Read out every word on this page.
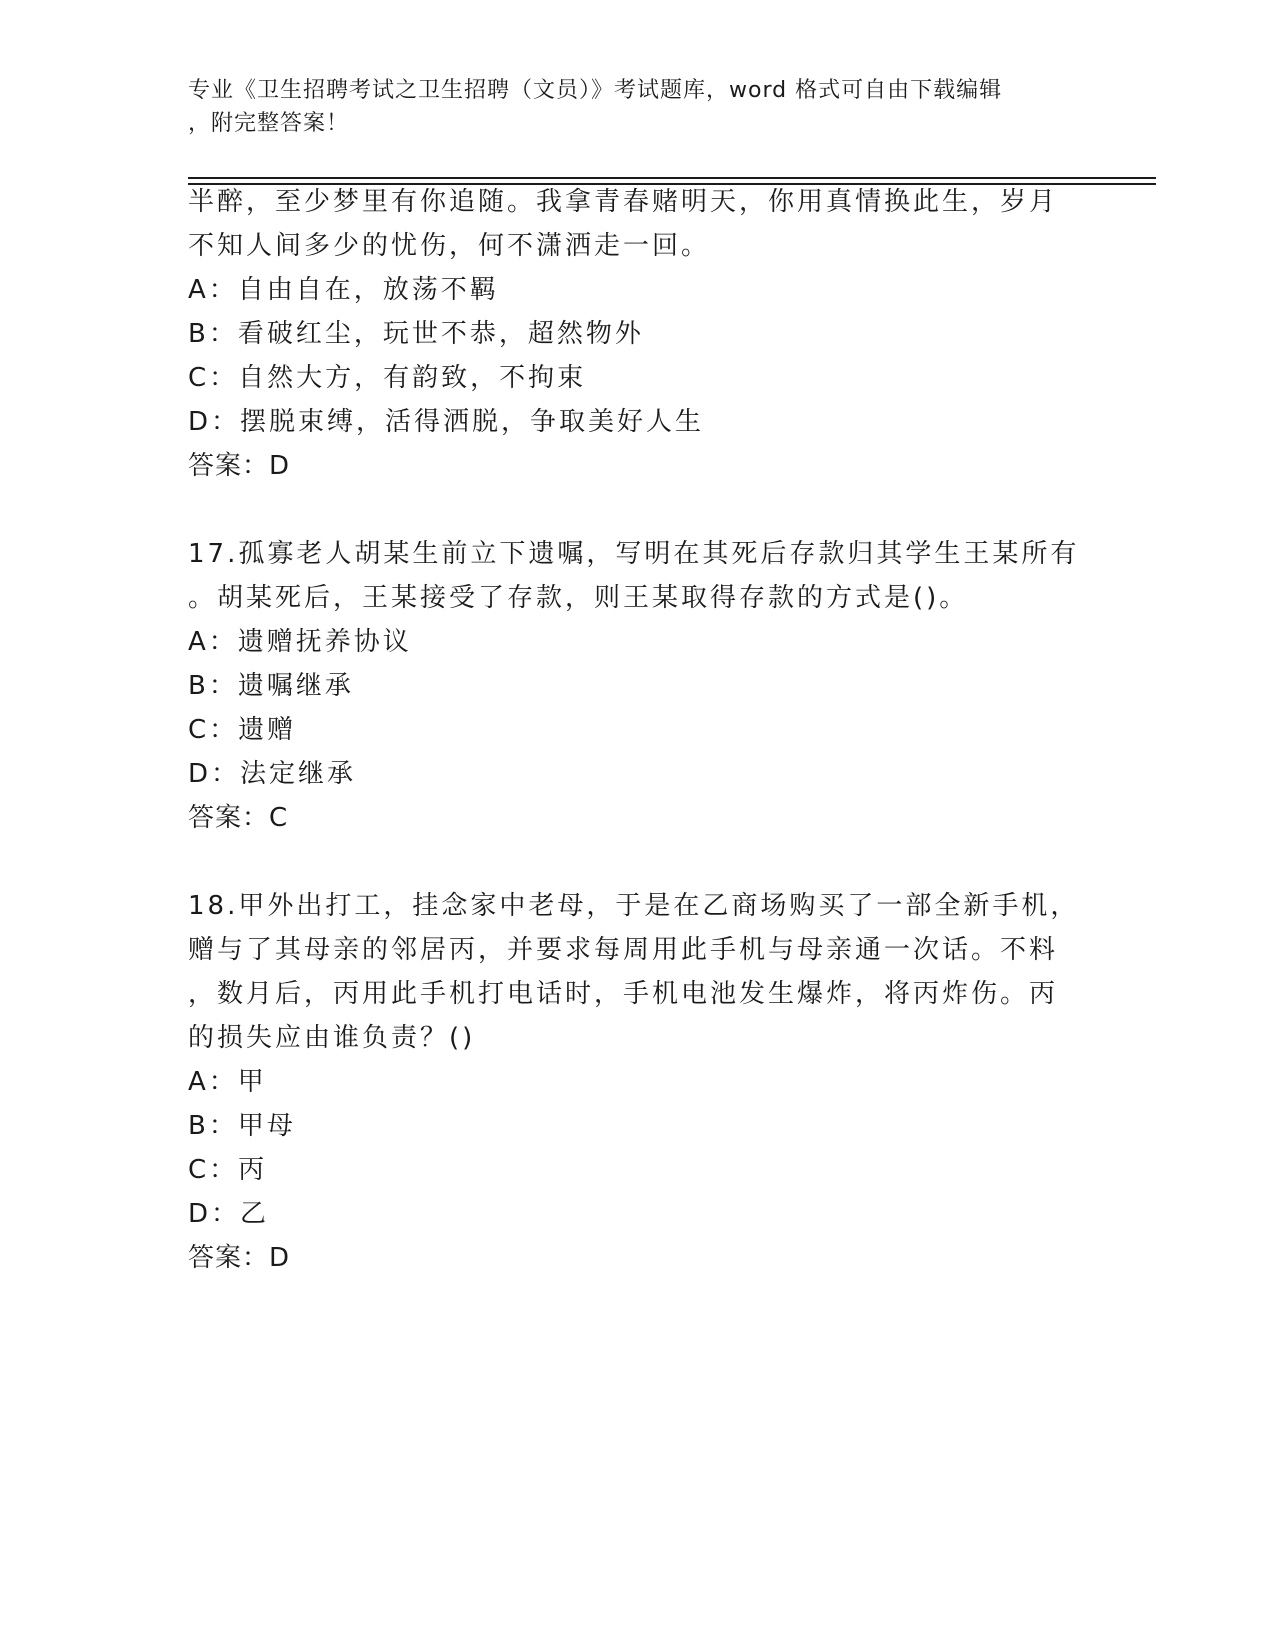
专业《卫生招聘考试之卫生招聘（文员）》考试题库，word 格式可自由下载编辑
，附完整答案！
半醉，至少梦里有你追随。我拿青春赌明天，你用真情换此生，岁月
不知人间多少的忧伤，何不潇洒走一回。
A：自由自在，放荡不羁
B：看破红尘，玩世不恭，超然物外
C：自然大方，有韵致，不拘束
D：摆脱束缚，活得洒脱，争取美好人生
答案：D
17.孤寡老人胡某生前立下遗嘱，写明在其死后存款归其学生王某所有
。胡某死后，王某接受了存款，则王某取得存款的方式是()。
A：遗赠抚养协议
B：遗嘱继承
C：遗赠
D：法定继承
答案：C
18.甲外出打工，挂念家中老母，于是在乙商场购买了一部全新手机，
赠与了其母亲的邻居丙，并要求每周用此手机与母亲通一次话。不料
，数月后，丙用此手机打电话时，手机电池发生爆炸，将丙炸伤。丙
的损失应由谁负责？()
A：甲
B：甲母
C：丙
D：乙
答案：D
